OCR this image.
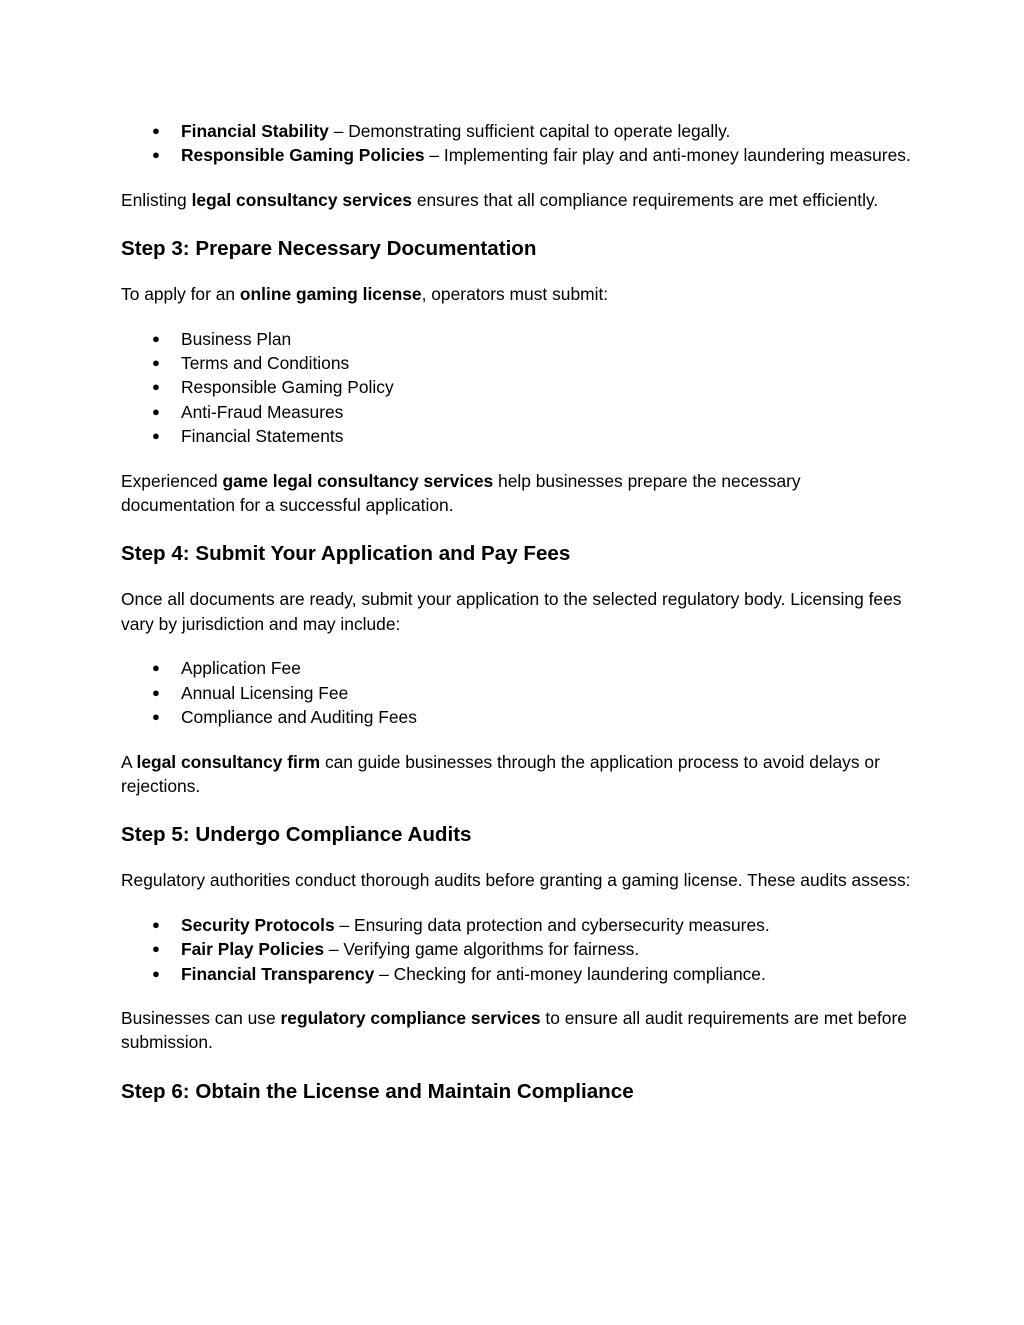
● Financial Stability – Demonstrating sufficient capital to operate legally.
● Responsible Gaming Policies – Implementing fair play and anti-money laundering measures.

Enlisting legal consultancy services ensures that all compliance requirements are met efficiently.

Step 3: Prepare Necessary Documentation

To apply for an online gaming license, operators must submit:

● Business Plan
● Terms and Conditions
● Responsible Gaming Policy
● Anti-Fraud Measures
● Financial Statements

Experienced game legal consultancy services help businesses prepare the necessary documentation for a successful application.

Step 4: Submit Your Application and Pay Fees

Once all documents are ready, submit your application to the selected regulatory body. Licensing fees vary by jurisdiction and may include:

● Application Fee
● Annual Licensing Fee
● Compliance and Auditing Fees

A legal consultancy firm can guide businesses through the application process to avoid delays or rejections.

Step 5: Undergo Compliance Audits

Regulatory authorities conduct thorough audits before granting a gaming license. These audits assess:

● Security Protocols – Ensuring data protection and cybersecurity measures.
● Fair Play Policies – Verifying game algorithms for fairness.
● Financial Transparency – Checking for anti-money laundering compliance.

Businesses can use regulatory compliance services to ensure all audit requirements are met before submission.

Step 6: Obtain the License and Maintain Compliance
